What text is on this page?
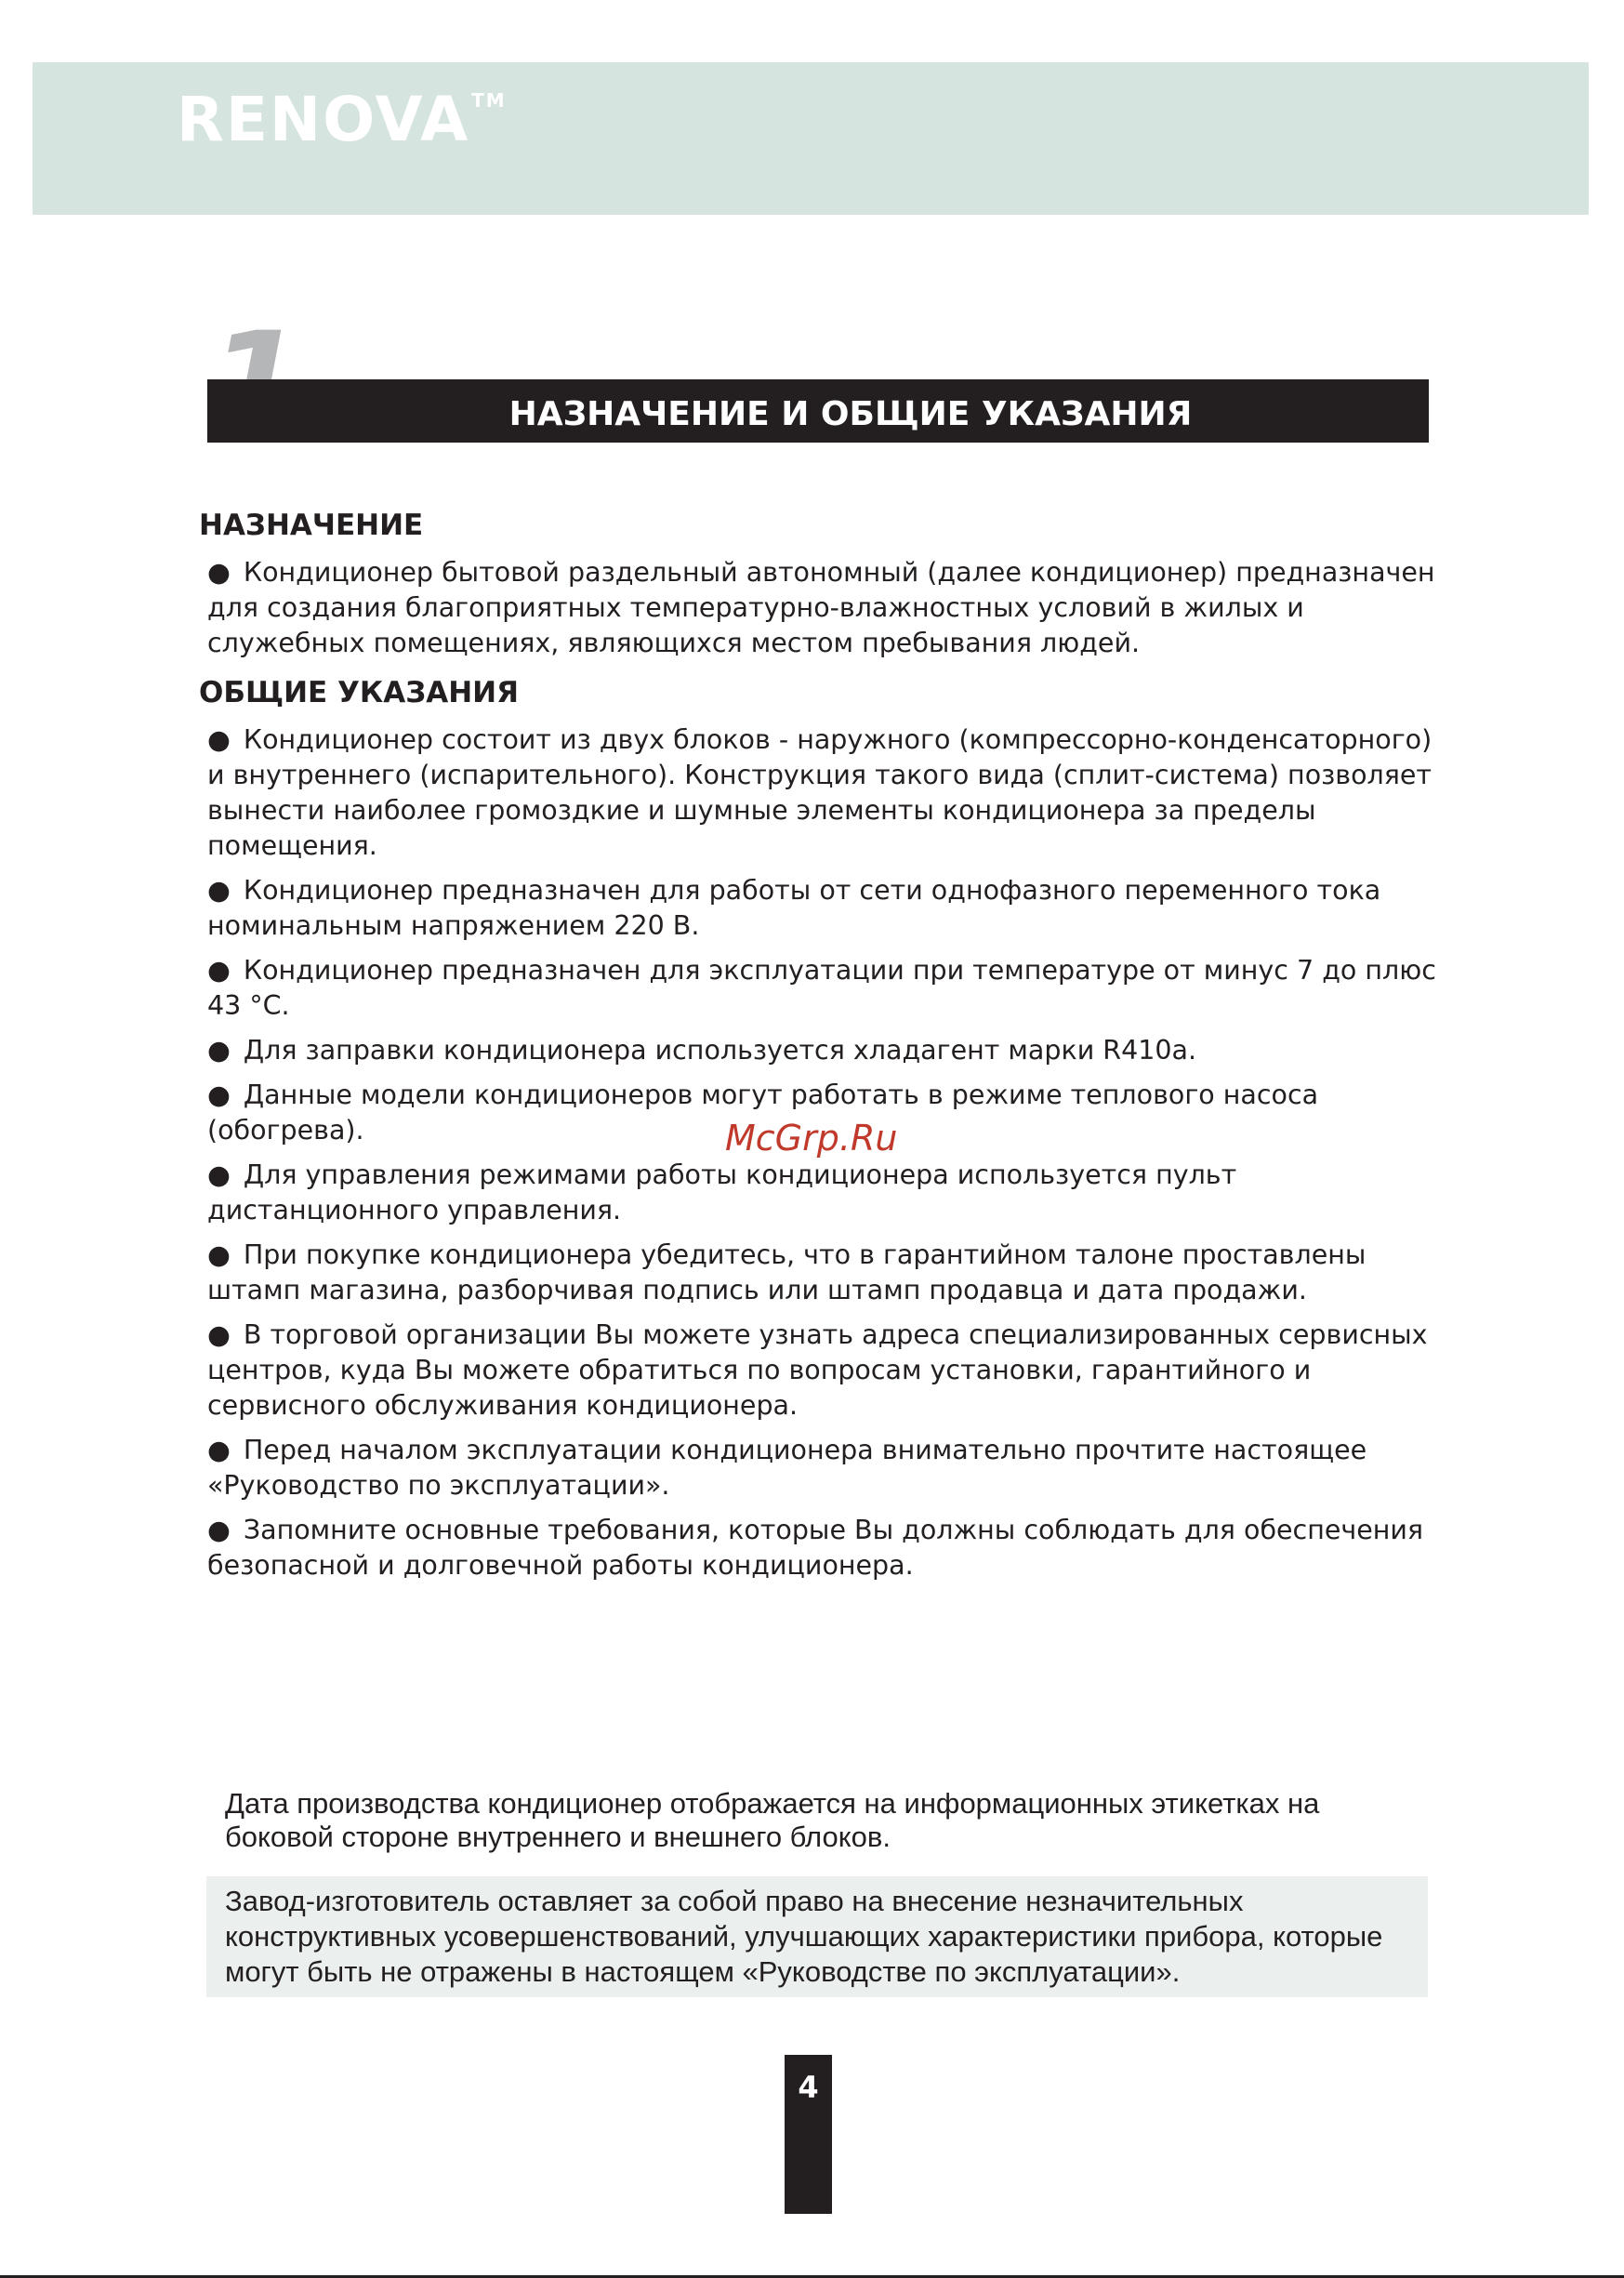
RENOVA ™
НАЗНАЧЕНИЕ И ОБЩИЕ УКАЗАНИЯ
НАЗНАЧЕНИЕ
● Кондиционер бытовой раздельный автономный (далее кондиционер) предназначен для создания благоприятных температурно-влажностных условий в жилых и служебных помещениях, являющихся местом пребывания людей.
ОБЩИЕ УКАЗАНИЯ
● Кондиционер состоит из двух блоков - наружного (компрессорно-конденсаторного) и внутреннего (испарительного). Конструкция такого вида (сплит-система) позволяет вынести наиболее громоздкие и шумные элементы кондиционера за пределы помещения.
● Кондиционер предназначен для работы от сети однофазного переменного тока номинальным напряжением 220 В.
● Кондиционер предназначен для эксплуатации при температуре от минус 7 до плюс 43 °С.
● Для заправки кондиционера используется хладагент марки R410a.
● Данные модели кондиционеров могут работать в режиме теплового насоса (обогрева).
● Для управления режимами работы кондиционера используется пульт дистанционного управления.
● При покупке кондиционера убедитесь, что в гарантийном талоне проставлены штамп магазина, разборчивая подпись или штамп продавца и дата продажи.
● В торговой организации Вы можете узнать адреса специализированных сервисных центров, куда Вы можете обратиться по вопросам установки, гарантийного и сервисного обслуживания кондиционера.
● Перед началом эксплуатации кондиционера внимательно прочтите настоящее «Руководство по эксплуатации».
● Запомните основные требования, которые Вы должны соблюдать для обеспечения безопасной и долговечной работы кондиционера.
McGrp.Ru
Дата производства кондиционер отображается на информационных этикетках на боковой стороне внутреннего и внешнего блоков.
Завод-изготовитель оставляет за собой право на внесение незначительных конструктивных усовершенствований, улучшающих характеристики прибора, которые могут быть не отражены в настоящем «Руководстве по эксплуатации».
4
